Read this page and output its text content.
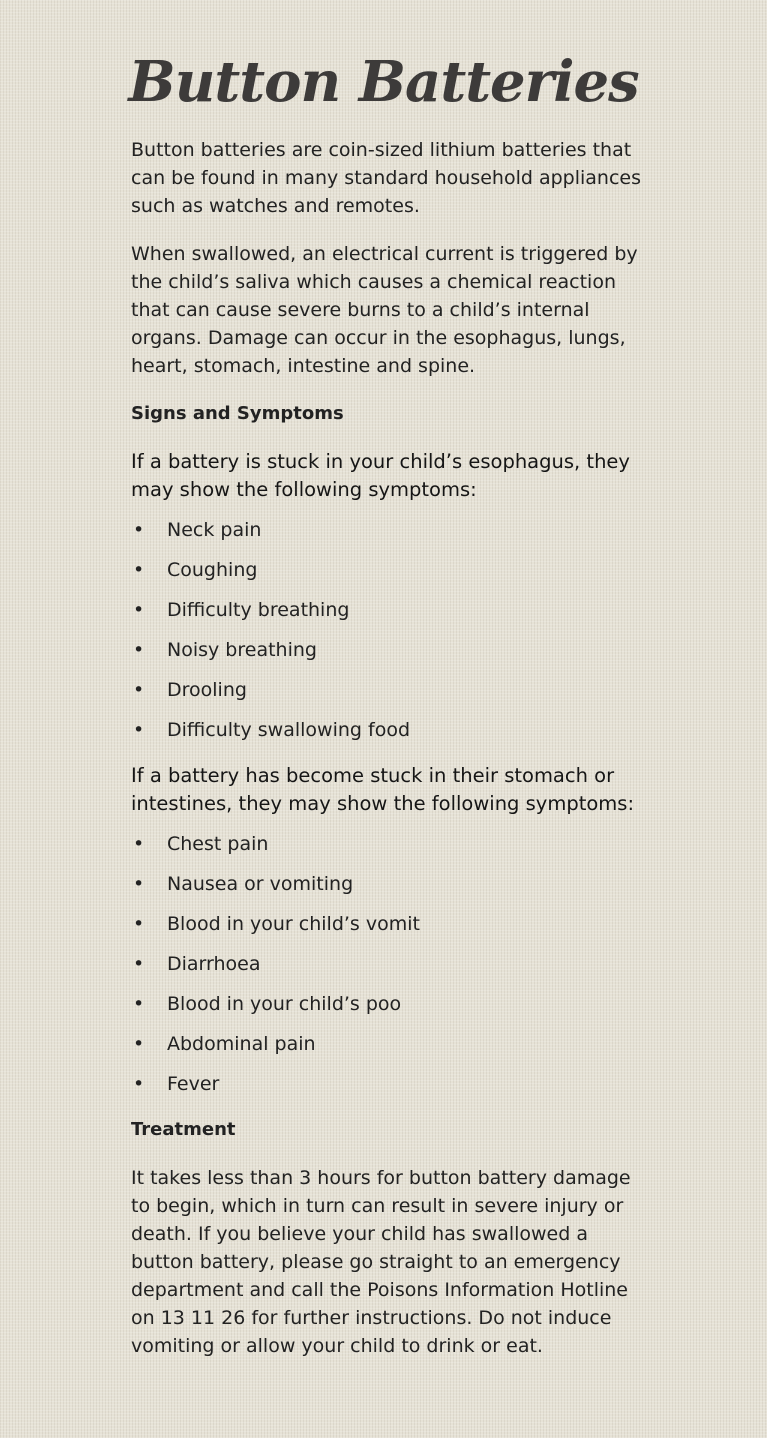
Button Batteries

Button batteries are coin-sized lithium batteries that can be found in many standard household appliances such as watches and remotes.

When swallowed, an electrical current is triggered by the child’s saliva which causes a chemical reaction that can cause severe burns to a child’s internal organs. Damage can occur in the esophagus, lungs, heart, stomach, intestine and spine.

Signs and Symptoms
If a battery is stuck in your child’s esophagus, they may show the following symptoms:
• Neck pain
• Coughing
• Difficulty breathing
• Noisy breathing
• Drooling
• Difficulty swallowing food
If a battery has become stuck in their stomach or intestines, they may show the following symptoms:
• Chest pain
• Nausea or vomiting
• Blood in your child’s vomit
• Diarrhoea
• Blood in your child’s poo
• Abdominal pain
• Fever
Treatment

It takes less than 3 hours for button battery damage to begin, which in turn can result in severe injury or death. If you believe your child has swallowed a button battery, please go straight to an emergency department and call the Poisons Information Hotline on 13 11 26 for further instructions. Do not induce vomiting or allow your child to drink or eat.
